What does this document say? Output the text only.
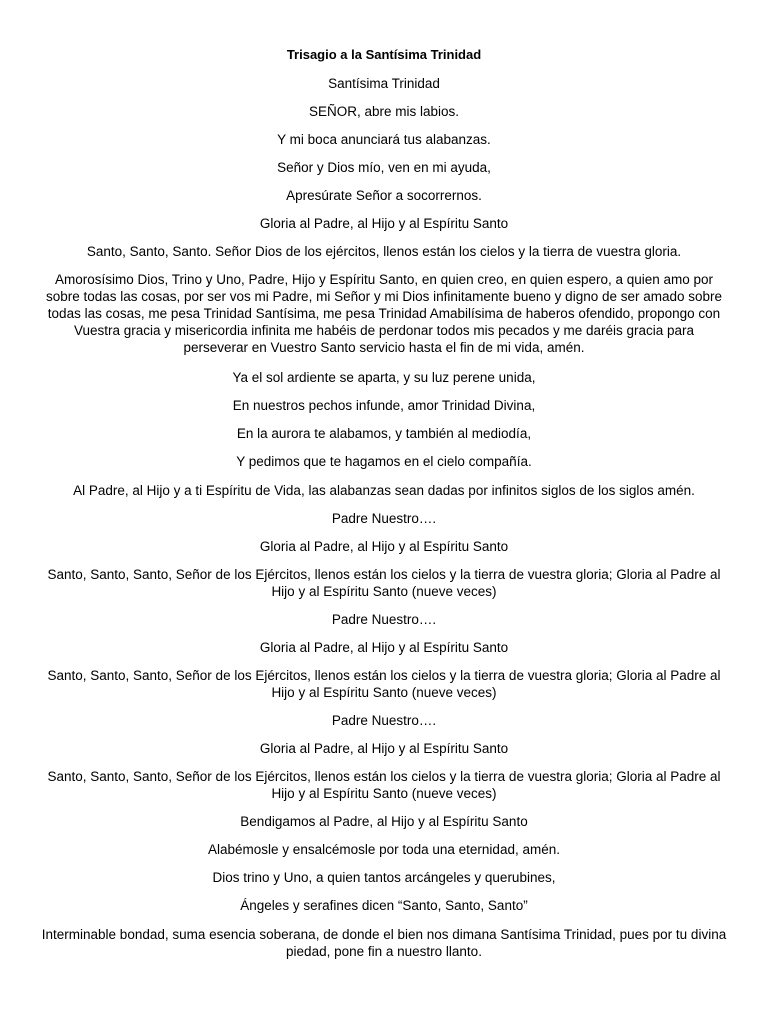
Trisagio a la Santísima Trinidad

Santísima Trinidad

SEÑOR, abre mis labios.

Y mi boca anunciará tus alabanzas.

Señor y Dios mío, ven en mi ayuda,

Apresúrate Señor a socorrernos.

Gloria al Padre, al Hijo y al Espíritu Santo

Santo, Santo, Santo. Señor Dios de los ejércitos, llenos están los cielos y la tierra de vuestra gloria.

Amorosísimo Dios, Trino y Uno, Padre, Hijo y Espíritu Santo, en quien creo, en quien espero, a quien amo por sobre todas las cosas, por ser vos mi Padre, mi Señor y mi Dios infinitamente bueno y digno de ser amado sobre todas las cosas, me pesa Trinidad Santísima, me pesa Trinidad Amabilísima de haberos ofendido, propongo con Vuestra gracia y misericordia infinita me habéis de perdonar todos mis pecados y me daréis gracia para perseverar en Vuestro Santo servicio hasta el fin de mi vida, amén.

Ya el sol ardiente se aparta, y su luz perene unida,

En nuestros pechos infunde, amor Trinidad Divina,

En la aurora te alabamos, y también al mediodía,

Y pedimos que te hagamos en el cielo compañía.

Al Padre, al Hijo y a ti Espíritu de Vida, las alabanzas sean dadas por infinitos siglos de los siglos amén.

Padre Nuestro….

Gloria al Padre, al Hijo y al Espíritu Santo

Santo, Santo, Santo, Señor de los Ejércitos, llenos están los cielos y la tierra de vuestra gloria; Gloria al Padre al Hijo y al Espíritu Santo (nueve veces)

Padre Nuestro….

Gloria al Padre, al Hijo y al Espíritu Santo

Santo, Santo, Santo, Señor de los Ejércitos, llenos están los cielos y la tierra de vuestra gloria; Gloria al Padre al Hijo y al Espíritu Santo (nueve veces)

Padre Nuestro….

Gloria al Padre, al Hijo y al Espíritu Santo

Santo, Santo, Santo, Señor de los Ejércitos, llenos están los cielos y la tierra de vuestra gloria; Gloria al Padre al Hijo y al Espíritu Santo (nueve veces)

Bendigamos al Padre, al Hijo y al Espíritu Santo

Alabémosle y ensalcémosle por toda una eternidad, amén.

Dios trino y Uno, a quien tantos arcángeles y querubines,

Ángeles y serafines dicen “Santo, Santo, Santo”

Interminable bondad, suma esencia soberana, de donde el bien nos dimana Santísima Trinidad, pues por tu divina piedad, pone fin a nuestro llanto.
